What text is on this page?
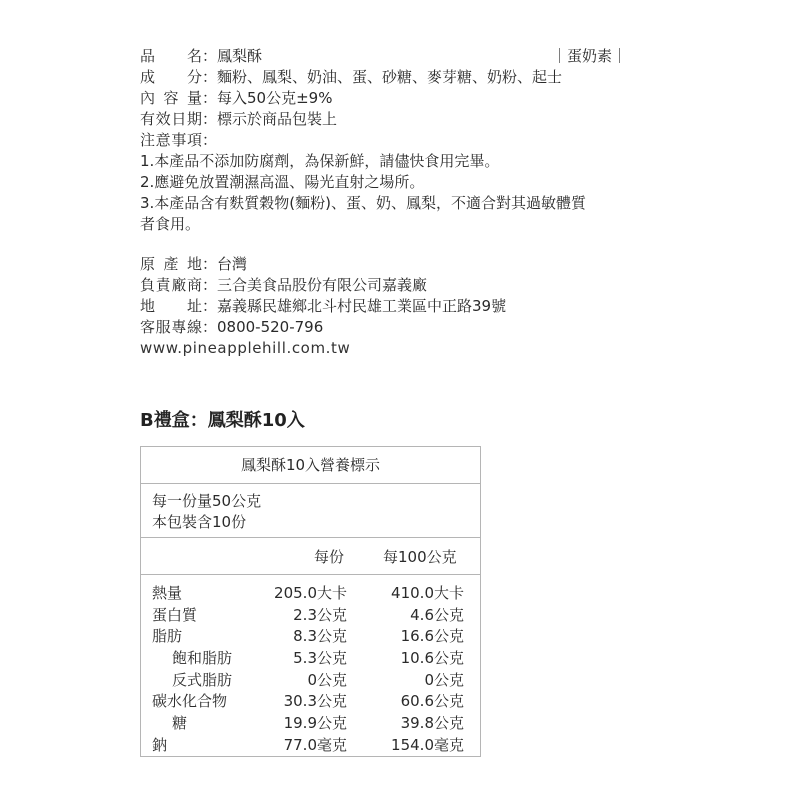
品 名： 鳳梨酥
成 分： 麵粉、鳳梨、奶油、蛋、砂糖、麥芽糖、奶粉、起士
內 容 量： 每入50公克±9%
有 效 日 期： 標示於商品包裝上
注 意 事 項：
1.本產品不添加防腐劑，為保新鮮，請儘快食用完畢。
2.應避免放置潮濕高溫、陽光直射之場所。
3.本產品含有麩質穀物(麵粉)、蛋、奶、鳳梨，不適合對其過敏體質
者食用。
原 產 地： 台灣
負 責 廠 商： 三合美食品股份有限公司嘉義廠
地 址： 嘉義縣民雄鄉北斗村民雄工業區中正路39號
客 服 專 線： 0800-520-796
www.pineapplehill.com.tw
｜蛋奶素｜
B禮盒：鳳梨酥10入
鳳梨酥10入營養標示
每一份量50公克
本包裝含10份
每份	每100公克
熱量	205.0大卡	410.0大卡
蛋白質	2.3公克	4.6公克
脂肪	8.3公克	16.6公克
飽和脂肪	5.3公克	10.6公克
反式脂肪	0公克	0公克
碳水化合物	30.3公克	60.6公克
糖	19.9公克	39.8公克
鈉	77.0毫克	154.0毫克
